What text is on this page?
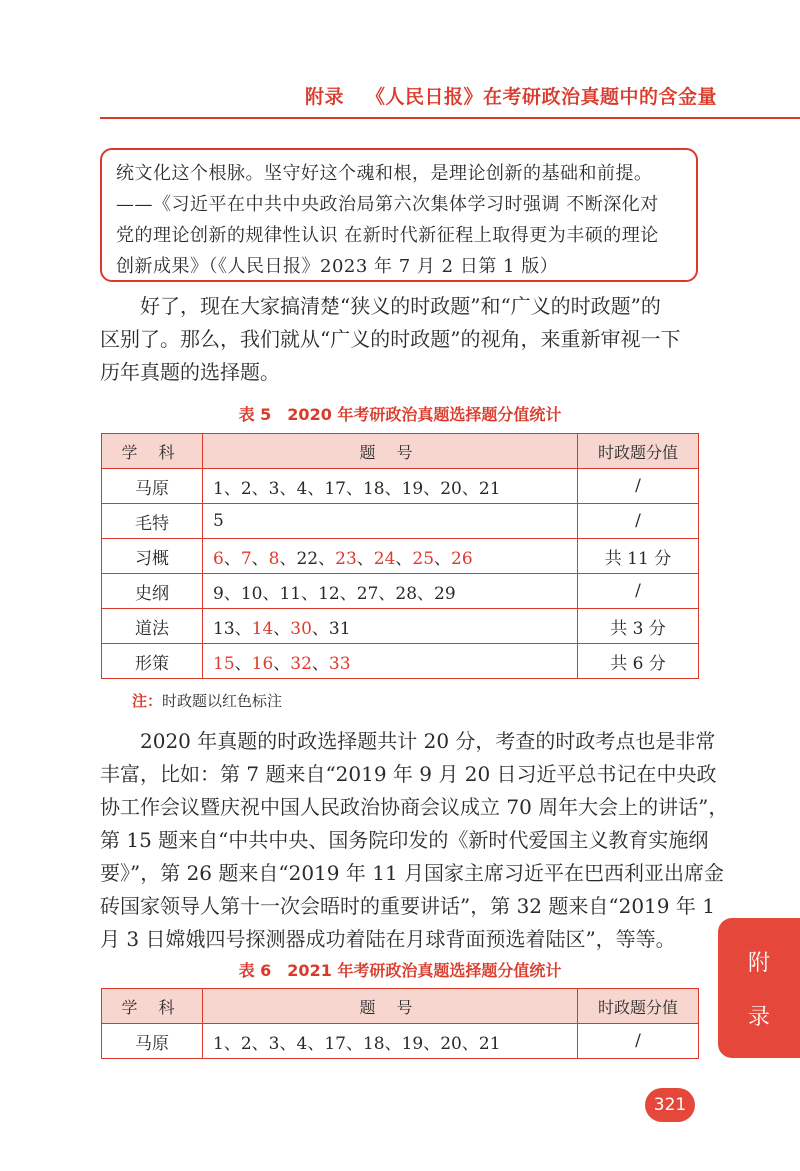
附录 《人民日报》在考研政治真题中的含金量

统文化这个根脉。坚守好这个魂和根，是理论创新的基础和前提。

——《习近平在中共中央政治局第六次集体学习时强调 不断深化对

党的理论创新的规律性认识 在新时代新征程上取得更为丰硕的理论

创新成果》（《人民日报》2023 年 7 月 2 日第 1 版）

好了，现在大家搞清楚“狭义的时政题”和“广义的时政题”的
区别了。那么，我们就从“广义的时政题”的视角，来重新审视一下
历年真题的选择题。
表 5　2020 年考研政治真题选择题分值统计
学 科	题 号	时政题分值
马原	1、2、3、4、17、18、19、20、21	/
毛特	5	/
习概	6、7、8、22、23、24、25、26	共 11 分
史纲	9、10、11、12、27、28、29	/
道法	13、14、30、31	共 3 分
形策	15、16、32、33	共 6 分
注：时政题以红色标注
2020 年真题的时政选择题共计 20 分，考查的时政考点也是非常
丰富，比如：第 7 题来自“2019 年 9 月 20 日习近平总书记在中央政
协工作会议暨庆祝中国人民政治协商会议成立 70 周年大会上的讲话”，
第 15 题来自“中共中央、国务院印发的《新时代爱国主义教育实施纲
要》”，第 26 题来自“2019 年 11 月国家主席习近平在巴西利亚出席金
砖国家领导人第十一次会晤时的重要讲话”，第 32 题来自“2019 年 1
月 3 日嫦娥四号探测器成功着陆在月球背面预选着陆区”，等等。
表 6　2021 年考研政治真题选择题分值统计
学 科	题 号	时政题分值
马原	1、2、3、4、17、18、19、20、21	/
附
录
321
